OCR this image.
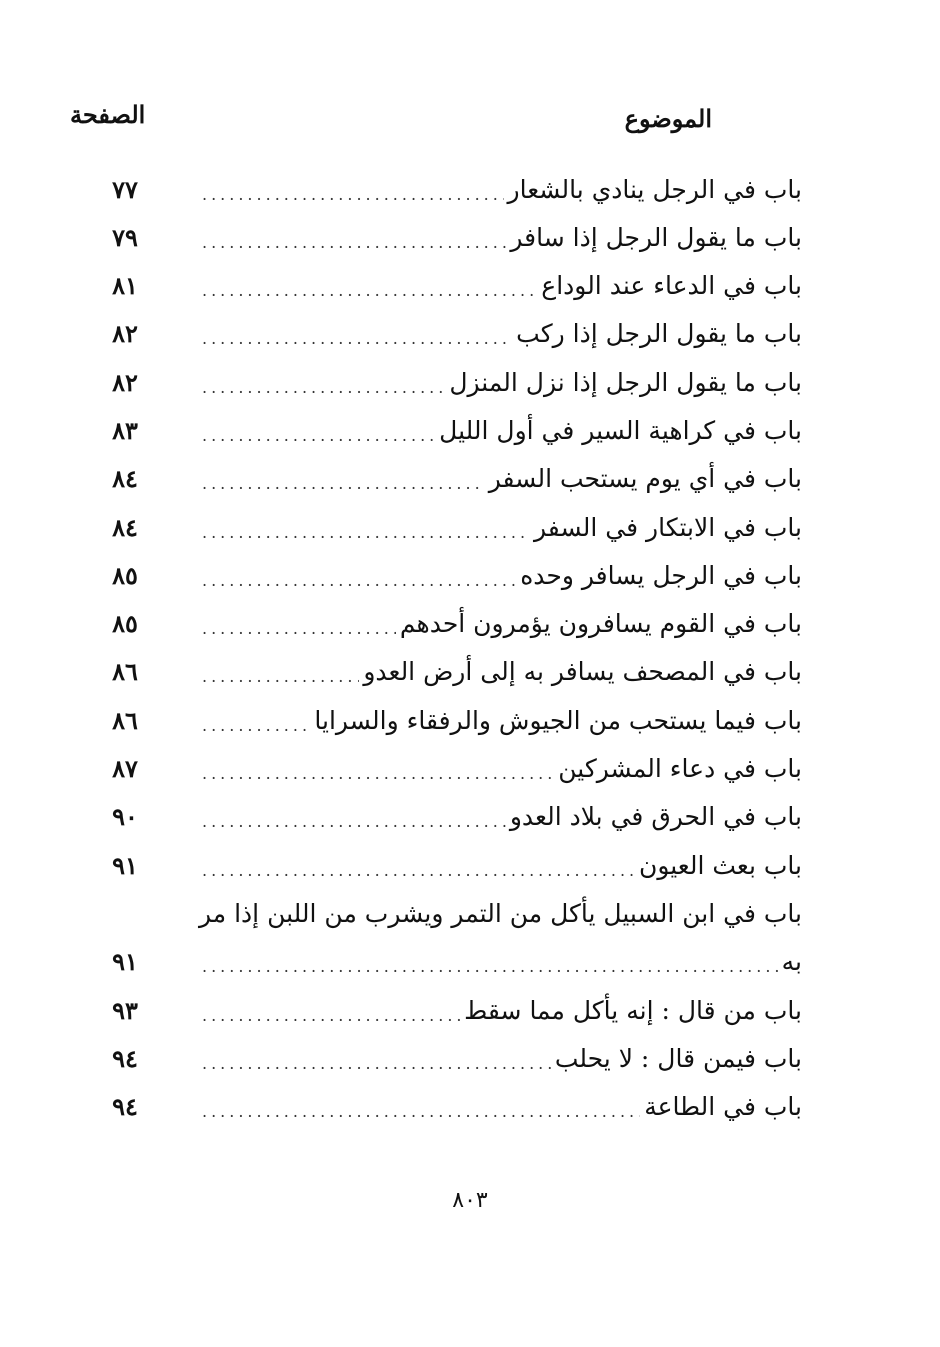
الموضوع
الصفحة
باب في الرجل ينادي بالشعار
.....
٧٧
باب ما يقول الرجل إذا سافر
.....
٧٩
باب في الدعاء عند الوداع
.....
٨١
باب ما يقول الرجل إذا ركب
.....
٨٢
باب ما يقول الرجل إذا نزل المنزل
.....
٨٢
باب في كراهية السير في أول الليل
.....
٨٣
باب في أي يوم يستحب السفر
.....
٨٤
باب في الابتكار في السفر
.....
٨٤
باب في الرجل يسافر وحده
.....
٨٥
باب في القوم يسافرون يؤمرون أحدهم
.....
٨٥
باب في المصحف يسافر به إلى أرض العدو
.....
٨٦
باب فيما يستحب من الجيوش والرفقاء والسرايا
.....
٨٦
باب في دعاء المشركين
.....
٨٧
باب في الحرق في بلاد العدو
.....
٩٠
باب بعث العيون
.....
٩١
باب في ابن السبيل يأكل من التمر ويشرب من اللبن إذا مر
به
.....
٩١
باب من قال : إنه يأكل مما سقط
.....
٩٣
باب فيمن قال : لا يحلب
.....
٩٤
باب في الطاعة
.....
٩٤
٨٠٣
